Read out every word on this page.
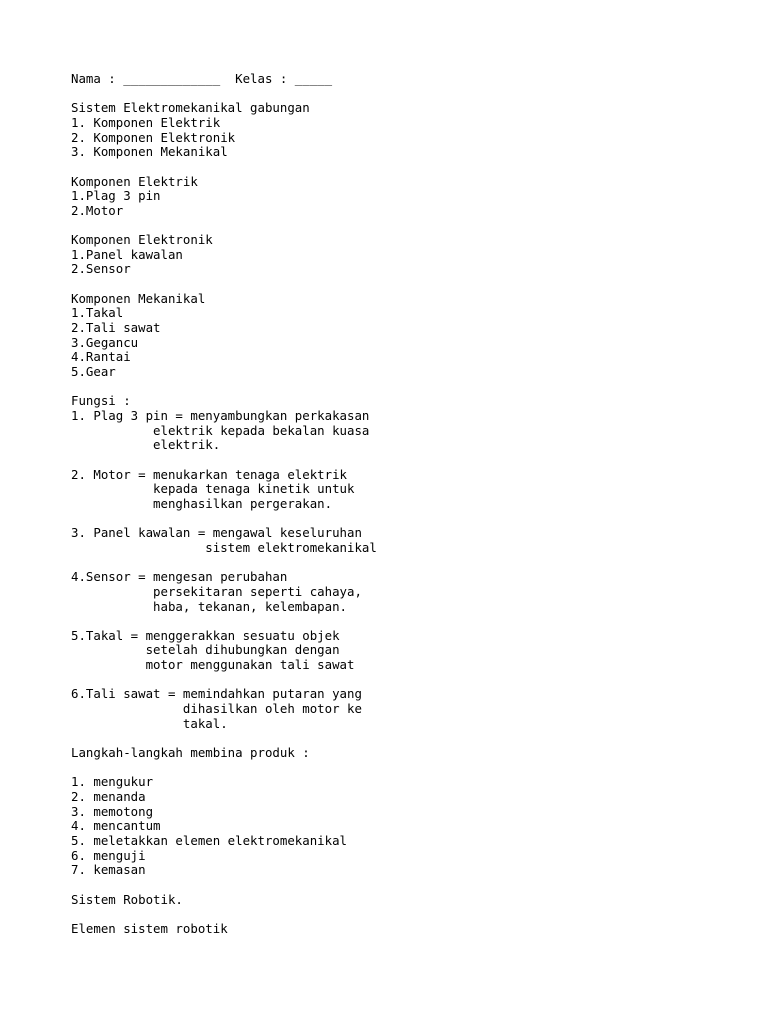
Nama : _____________  Kelas : _____
Sistem Elektromekanikal gabungan
1. Komponen Elektrik
2. Komponen Elektronik
3. Komponen Mekanikal
Komponen Elektrik
1.Plag 3 pin
2.Motor
Komponen Elektronik
1.Panel kawalan
2.Sensor
Komponen Mekanikal
1.Takal
2.Tali sawat
3.Gegancu
4.Rantai
5.Gear
Fungsi :
1. Plag 3 pin = menyambungkan perkakasan
elektrik kepada bekalan kuasa
elektrik.
2. Motor = menukarkan tenaga elektrik
kepada tenaga kinetik untuk
menghasilkan pergerakan.
3. Panel kawalan = mengawal keseluruhan
sistem elektromekanikal
4.Sensor = mengesan perubahan
persekitaran seperti cahaya,
haba, tekanan, kelembapan.
5.Takal = menggerakkan sesuatu objek
setelah dihubungkan dengan
motor menggunakan tali sawat
6.Tali sawat = memindahkan putaran yang
dihasilkan oleh motor ke
takal.
Langkah-langkah membina produk :
1. mengukur
2. menanda
3. memotong
4. mencantum
5. meletakkan elemen elektromekanikal
6. menguji
7. kemasan
Sistem Robotik.
Elemen sistem robotik
